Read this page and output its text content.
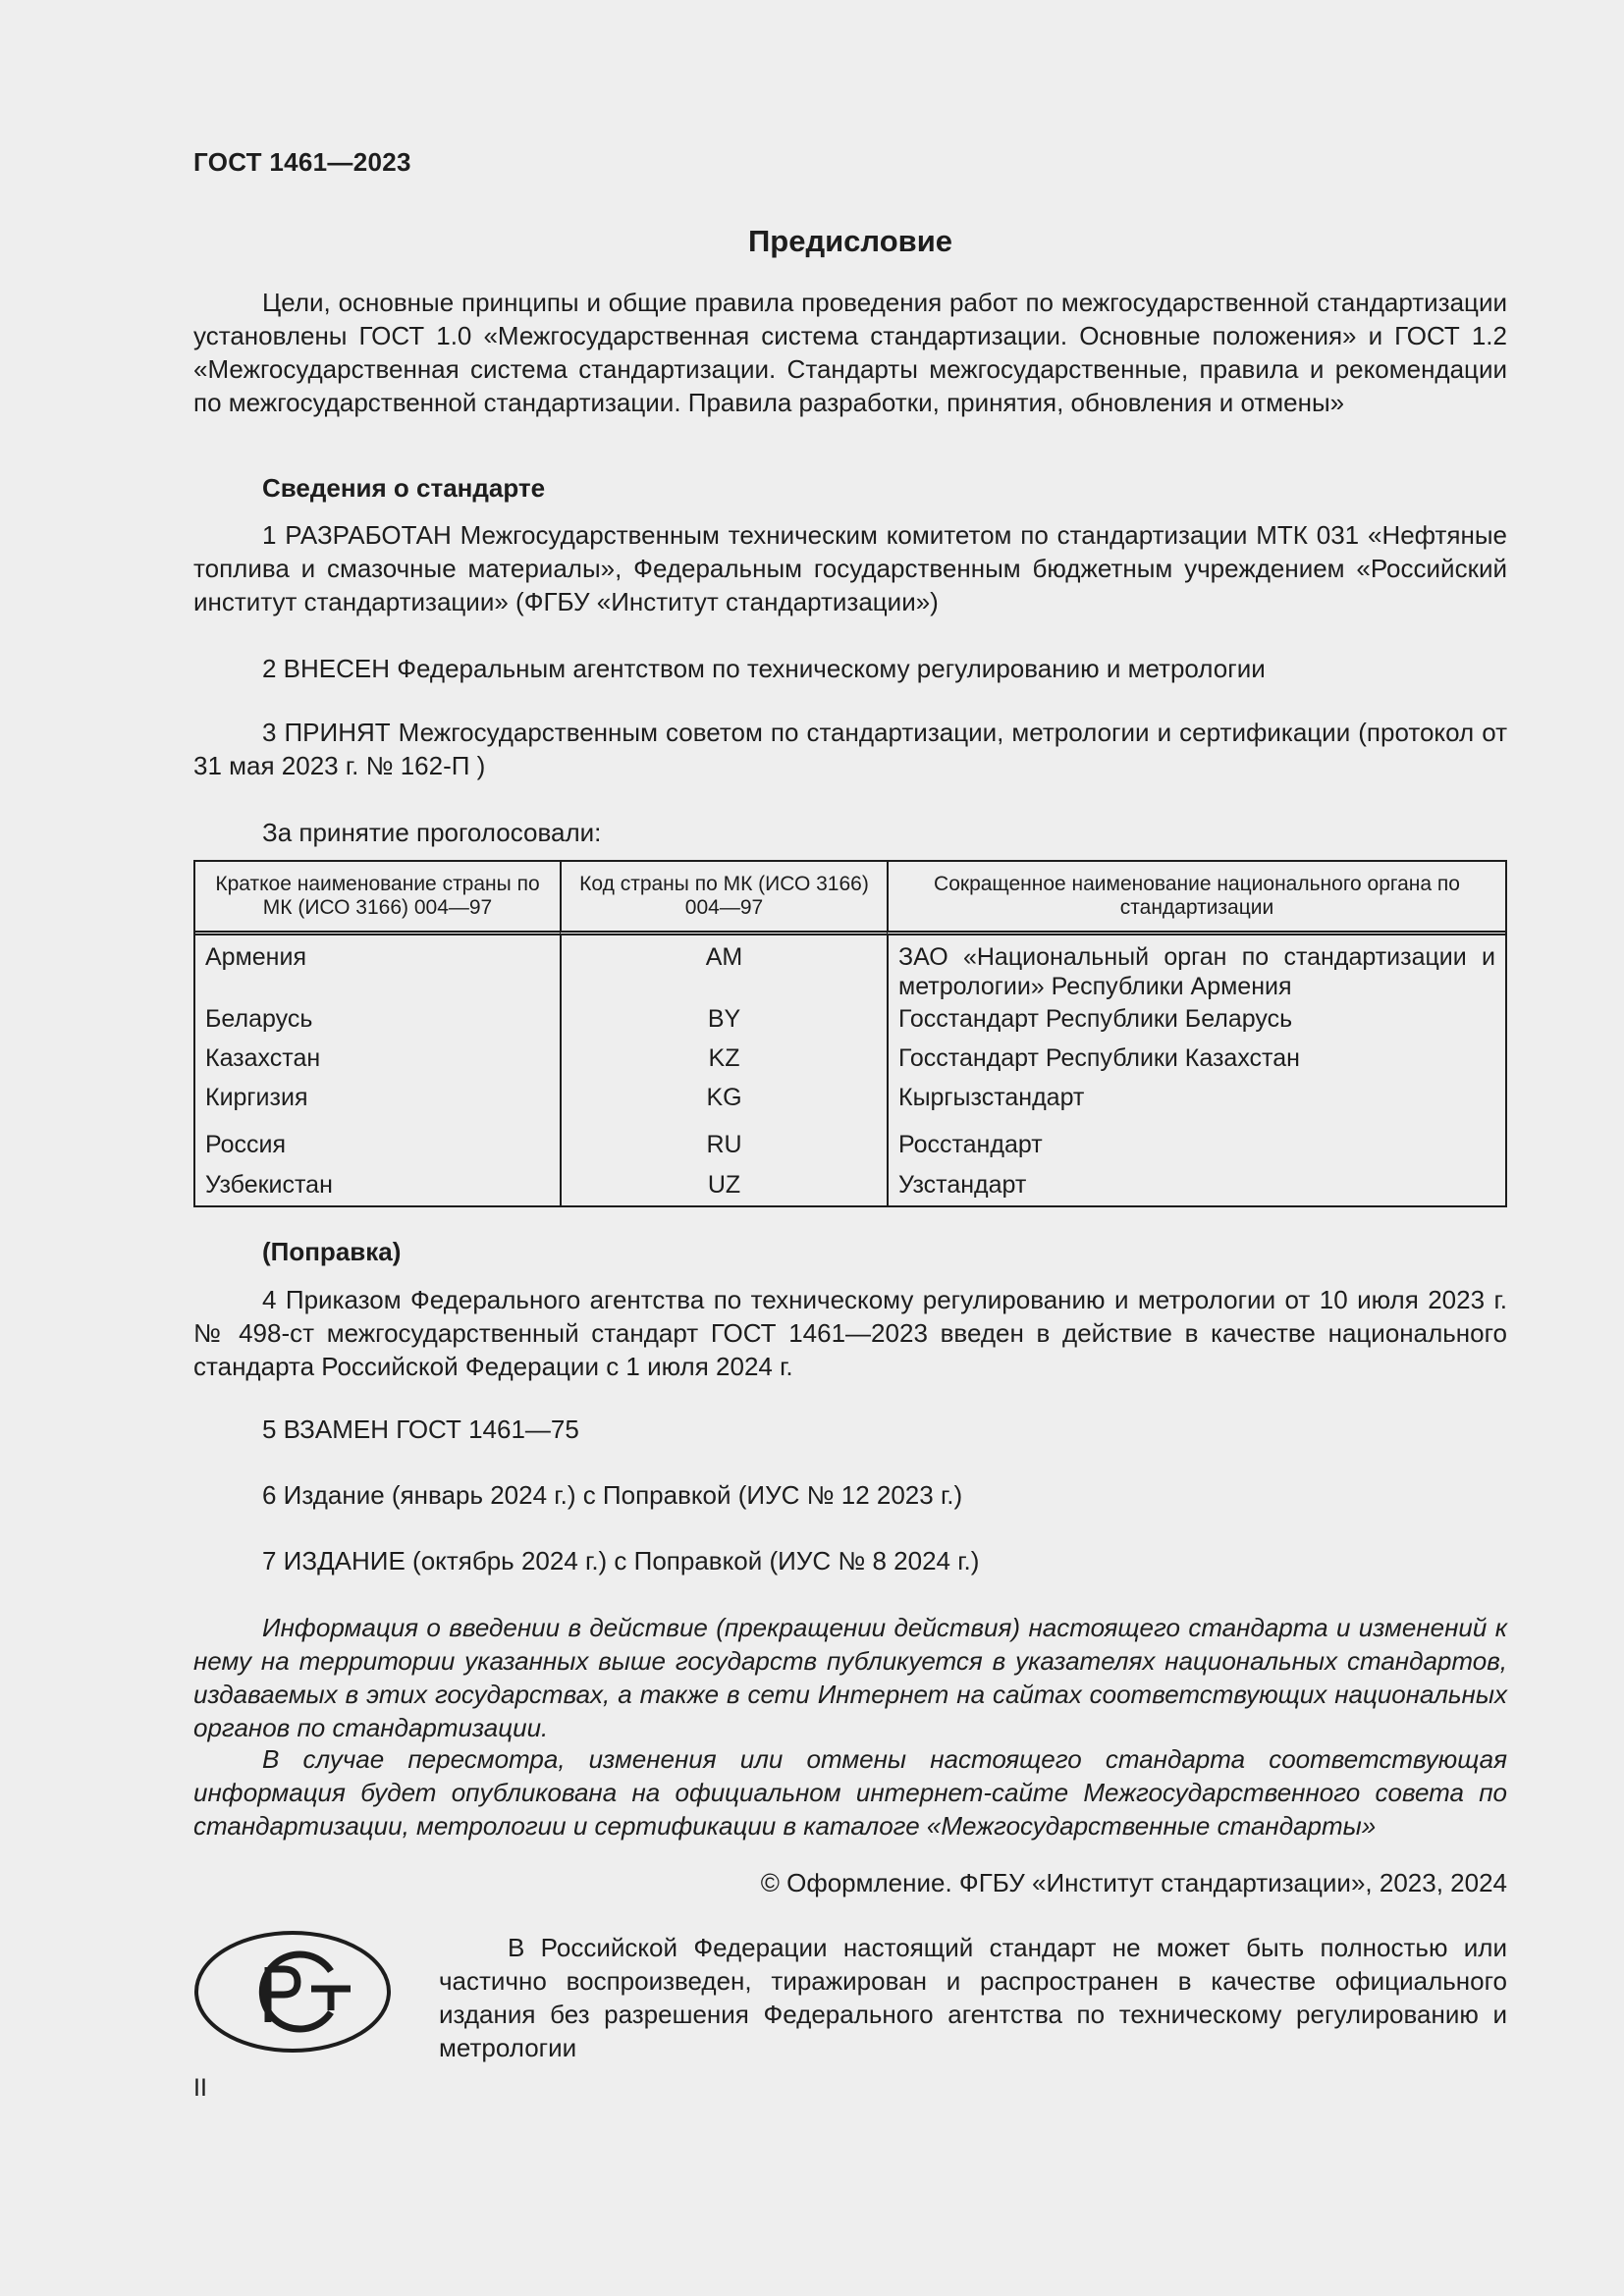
ГОСТ 1461—2023
Предисловие
Цели, основные принципы и общие правила проведения работ по межгосударственной стандартизации установлены ГОСТ 1.0 «Межгосударственная система стандартизации. Основные положения» и ГОСТ 1.2 «Межгосударственная система стандартизации. Стандарты межгосударственные, правила и рекомендации по межгосударственной стандартизации. Правила разработки, принятия, обновления и отмены»
Сведения о стандарте
1 РАЗРАБОТАН Межгосударственным техническим комитетом по стандартизации МТК 031 «Нефтяные топлива и смазочные материалы», Федеральным государственным бюджетным учреждением «Российский институт стандартизации» (ФГБУ «Институт стандартизации»)
2 ВНЕСЕН Федеральным агентством по техническому регулированию и метрологии
3 ПРИНЯТ Межгосударственным советом по стандартизации, метрологии и сертификации (протокол от 31 мая 2023 г. № 162-П )
За принятие проголосовали:
Краткое наименование страны по МК (ИСО 3166) 004—97	Код страны по МК (ИСО 3166) 004—97	Сокращенное наименование национального органа по стандартизации
Армения	AM	ЗАО «Национальный орган по стандартизации и метрологии» Республики Армения
Беларусь	BY	Госстандарт Республики Беларусь
Казахстан	KZ	Госстандарт Республики Казахстан
Киргизия	KG	Кыргызстандарт
Россия	RU	Росстандарт
Узбекистан	UZ	Узстандарт
(Поправка)
4 Приказом Федерального агентства по техническому регулированию и метрологии от 10 июля 2023 г. № 498-ст межгосударственный стандарт ГОСТ 1461—2023 введен в действие в качестве национального стандарта Российской Федерации с 1 июля 2024 г.
5 ВЗАМЕН ГОСТ 1461—75
6 Издание (январь 2024 г.) с Поправкой (ИУС № 12 2023 г.)
7 ИЗДАНИЕ (октябрь 2024 г.) с Поправкой (ИУС № 8 2024 г.)
Информация о введении в действие (прекращении действия) настоящего стандарта и изменений к нему на территории указанных выше государств публикуется в указателях национальных стандартов, издаваемых в этих государствах, а также в сети Интернет на сайтах соответствующих национальных органов по стандартизации.
В случае пересмотра, изменения или отмены настоящего стандарта соответствующая информация будет опубликована на официальном интернет-сайте Межгосударственного совета по стандартизации, метрологии и сертификации в каталоге «Межгосударственные стандарты»
© Оформление. ФГБУ «Институт стандартизации», 2023, 2024
В Российской Федерации настоящий стандарт не может быть полностью или частично воспроизведен, тиражирован и распространен в качестве официального издания без разрешения Федерального агентства по техническому регулированию и метрологии
II
